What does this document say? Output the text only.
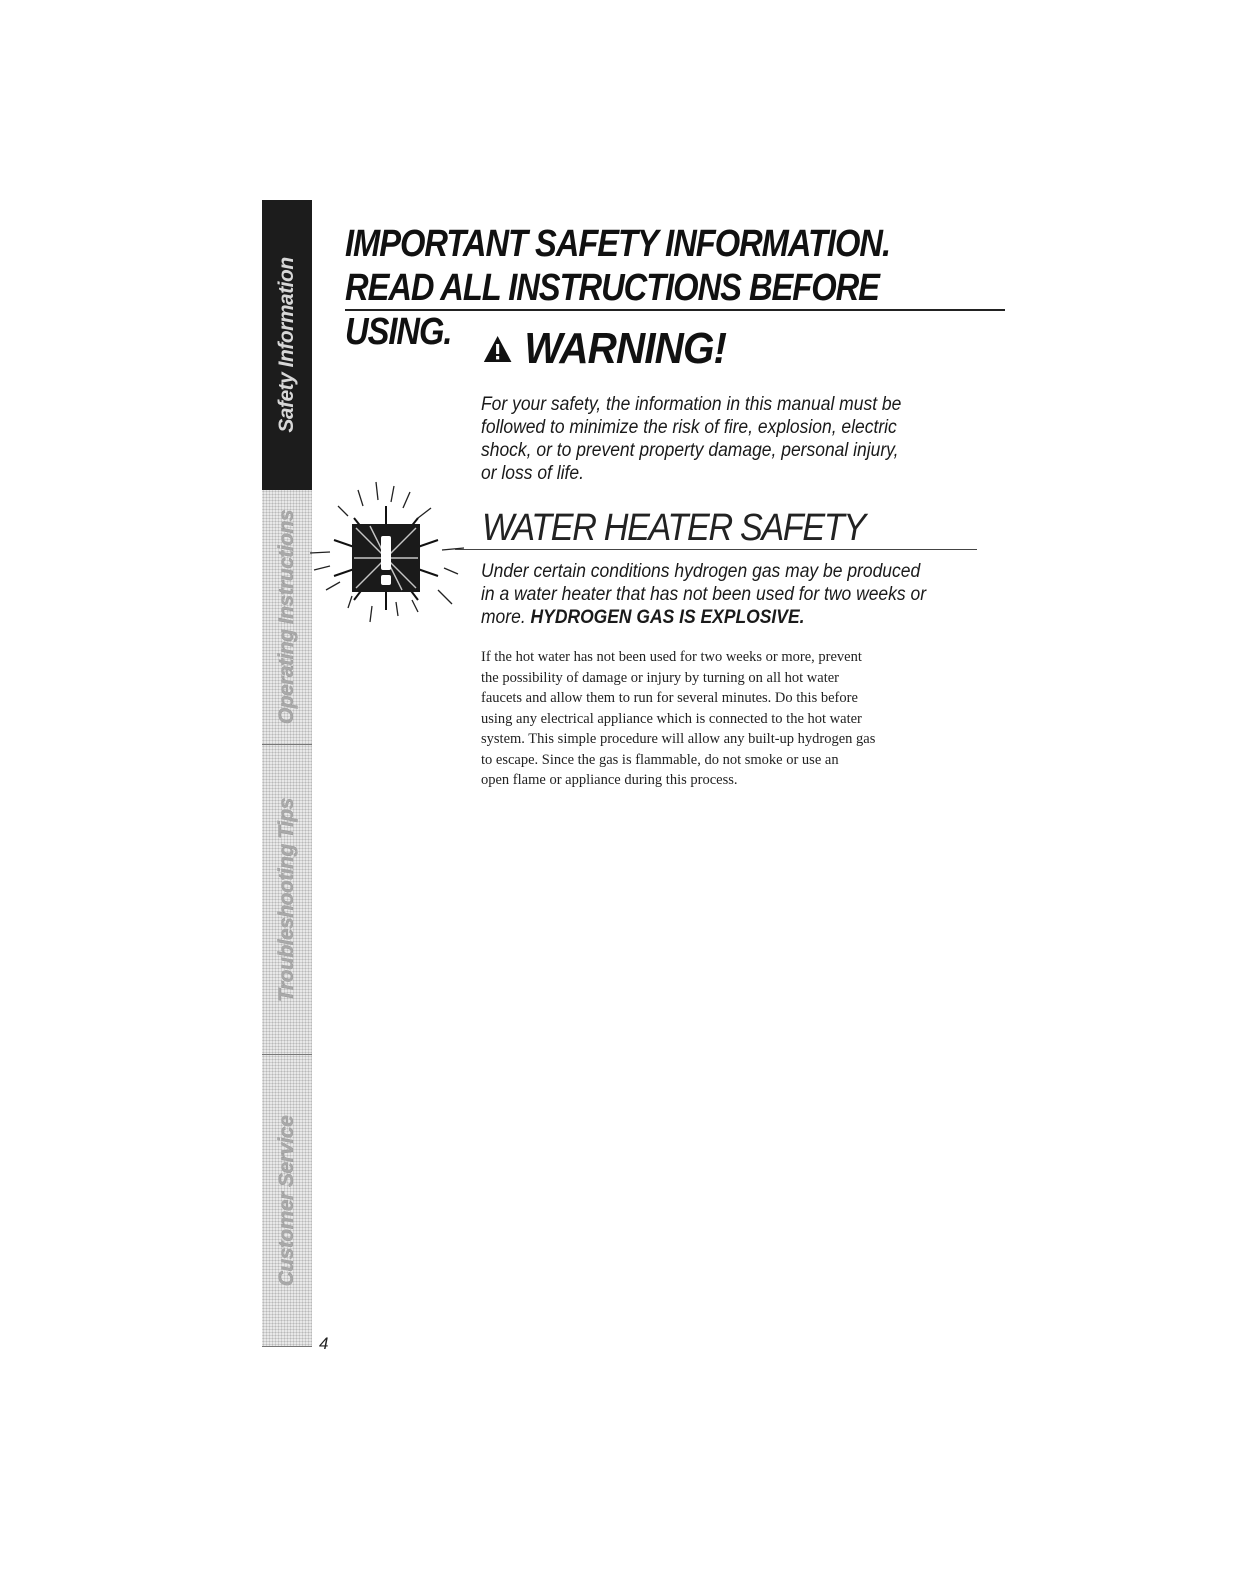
Safety Information
Operating Instructions
Troubleshooting Tips
Customer Service
4
IMPORTANT SAFETY INFORMATION.
READ ALL INSTRUCTIONS BEFORE USING.	WARNING!
For your safety, the information in this manual must be
followed to minimize the risk of fire, explosion, electric
shock, or to prevent property damage, personal injury,
or loss of life.
WATER HEATER SAFETY
Under certain conditions hydrogen gas may be produced
in a water heater that has not been used for two weeks or
more. HYDROGEN GAS IS EXPLOSIVE.
If the hot water has not been used for two weeks or more, prevent
the possibility of damage or injury by turning on all hot water
faucets and allow them to run for several minutes. Do this before
using any electrical appliance which is connected to the hot water
system. This simple procedure will allow any built-up hydrogen gas
to escape. Since the gas is flammable, do not smoke or use an
open flame or appliance during this process.
